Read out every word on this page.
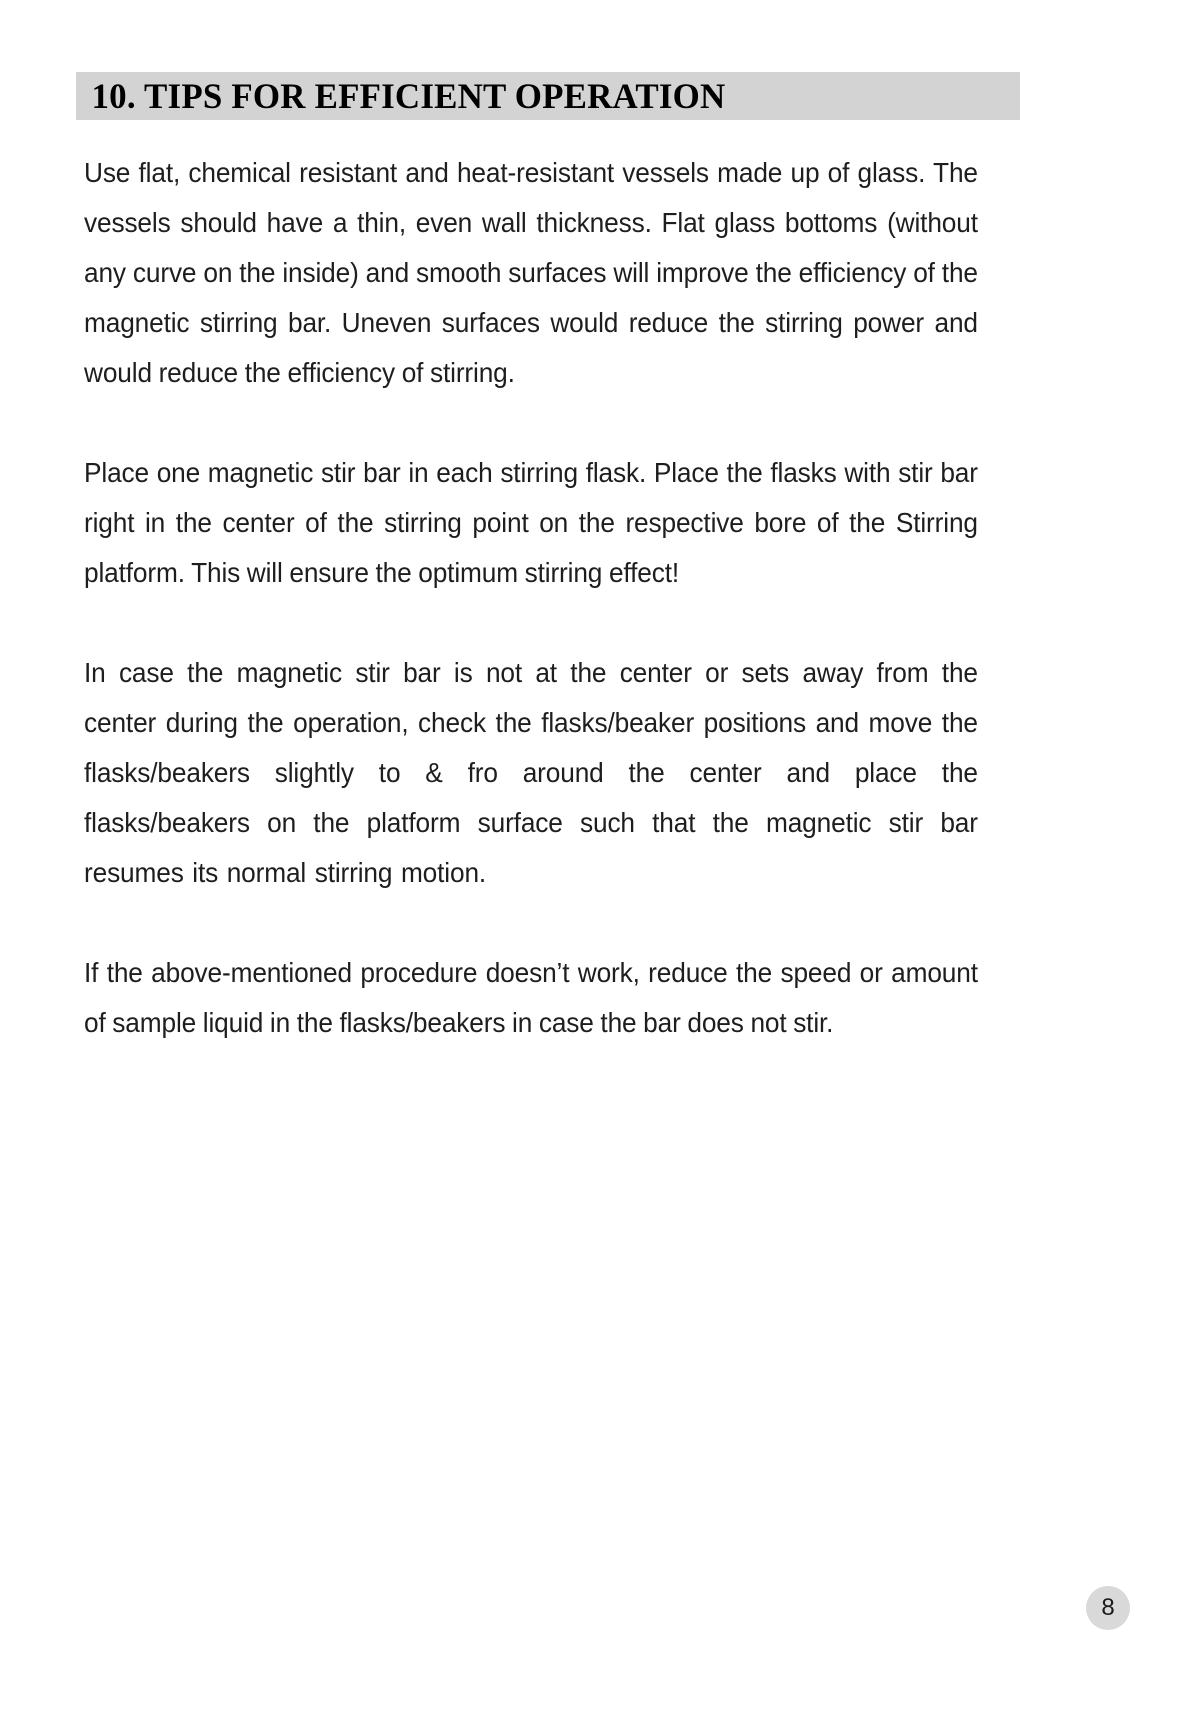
10. TIPS FOR EFFICIENT OPERATION

Use flat, chemical resistant and heat-resistant vessels made up of glass. The vessels should have a thin, even wall thickness. Flat glass bottoms (without any curve on the inside) and smooth surfaces will improve the efficiency of the magnetic stirring bar. Uneven surfaces would reduce the stirring power and would reduce the efficiency of stirring.

Place one magnetic stir bar in each stirring flask. Place the flasks with stir bar right in the center of the stirring point on the respective bore of the Stirring platform. This will ensure the optimum stirring effect!

In case the magnetic stir bar is not at the center or sets away from the center during the operation, check the flasks/beaker positions and move the flasks/beakers slightly to & fro around the center and place the flasks/beakers on the platform surface such that the magnetic stir bar resumes its normal stirring motion.

If the above-mentioned procedure doesn’t work, reduce the speed or amount of sample liquid in the flasks/beakers in case the bar does not stir.

8
